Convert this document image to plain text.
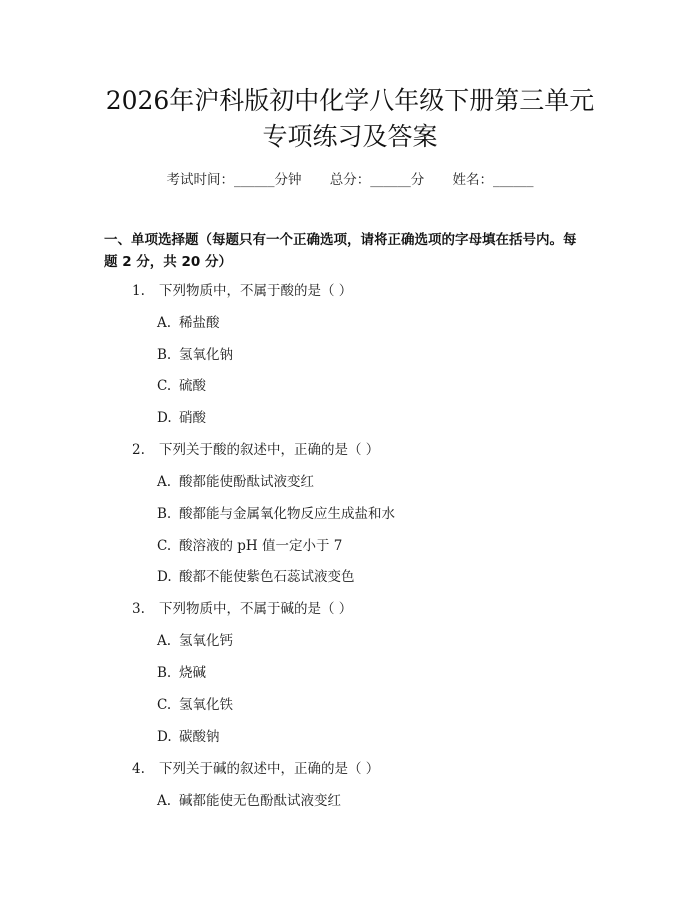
2026年沪科版初中化学八年级下册第三单元
专项练习及答案
考试时间：______分钟 总分：______分 姓名：______
一、单项选择题（每题只有一个正确选项，请将正确选项的字母填在括号内。每
题 2 分，共 20 分）
1. 下列物质中，不属于酸的是（ ）
A. 稀盐酸
B. 氢氧化钠
C. 硫酸
D. 硝酸
2. 下列关于酸的叙述中，正确的是（ ）
A. 酸都能使酚酞试液变红
B. 酸都能与金属氧化物反应生成盐和水
C. 酸溶液的 pH 值一定小于 7
D. 酸都不能使紫色石蕊试液变色
3. 下列物质中，不属于碱的是（ ）
A. 氢氧化钙
B. 烧碱
C. 氢氧化铁
D. 碳酸钠
4. 下列关于碱的叙述中，正确的是（ ）
A. 碱都能使无色酚酞试液变红
